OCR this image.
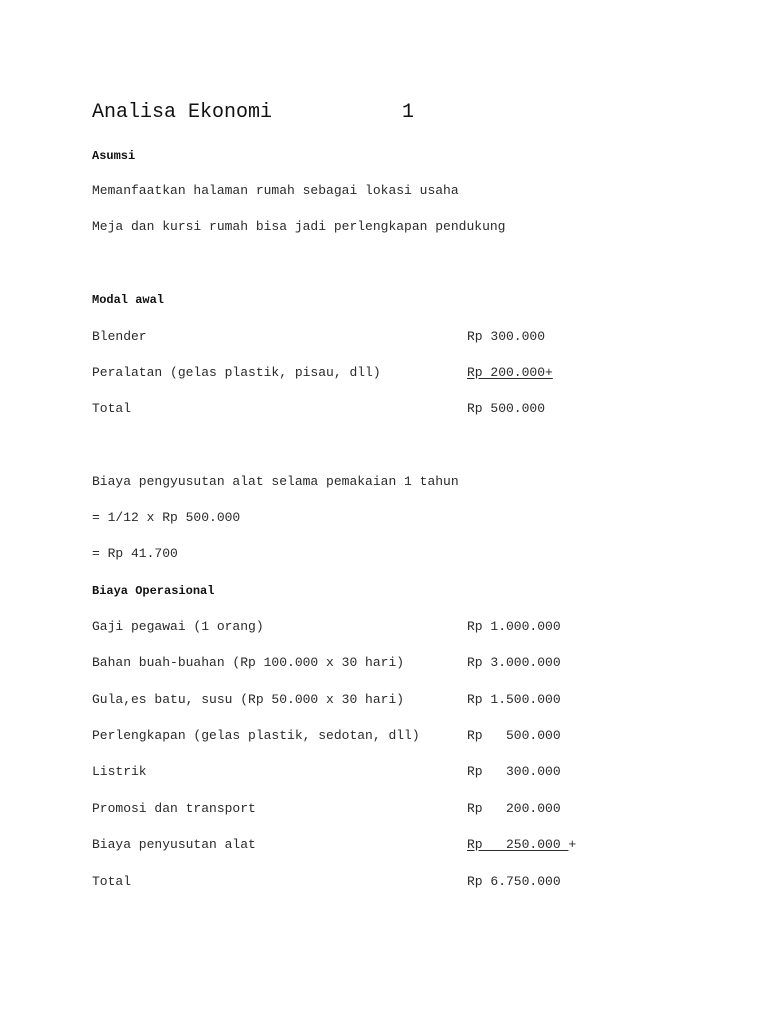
Analisa Ekonomi	1
Asumsi
Memanfaatkan halaman rumah sebagai lokasi usaha
Meja dan kursi rumah bisa jadi perlengkapan pendukung
Modal awal
Blender	Rp 300.000
Peralatan (gelas plastik, pisau, dll)	Rp 200.000+
Total	Rp 500.000
Biaya pengyusutan alat selama pemakaian 1 tahun
= 1/12 x Rp 500.000
= Rp 41.700
Biaya Operasional
Gaji pegawai (1 orang)	Rp 1.000.000
Bahan buah-buahan (Rp 100.000 x 30 hari)	Rp 3.000.000
Gula,es batu, susu (Rp 50.000 x 30 hari)	Rp 1.500.000
Perlengkapan (gelas plastik, sedotan, dll)	Rp   500.000
Listrik	Rp   300.000
Promosi dan transport	Rp   200.000
Biaya penyusutan alat	Rp   250.000 +
Total	Rp 6.750.000
